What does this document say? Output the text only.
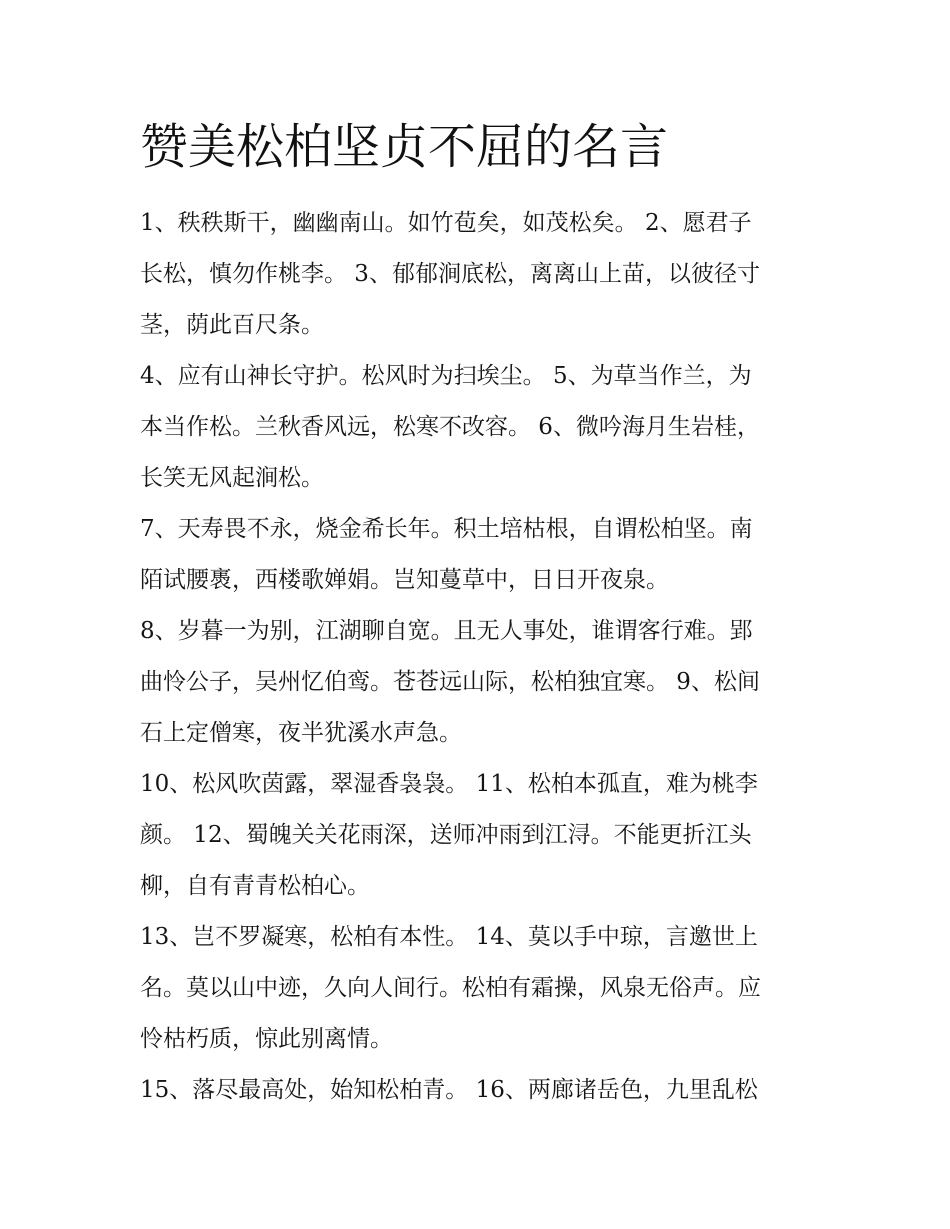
赞美松柏坚贞不屈的名言
1、秩秩斯干，幽幽南山。如竹苞矣，如茂松矣。 2、愿君子
长松，慎勿作桃李。 3、郁郁涧底松，离离山上苗，以彼径寸
茎，荫此百尺条。
4、应有山神长守护。松风时为扫埃尘。 5、为草当作兰，为
本当作松。兰秋香风远，松寒不改容。 6、微吟海月生岩桂，
长笑无风起涧松。
7、天寿畏不永，烧金希长年。积土培枯根，自谓松柏坚。南
陌试腰褭，西楼歌婵娟。岂知蔓草中，日日开夜泉。
8、岁暮一为别，江湖聊自宽。且无人事处，谁谓客行难。郢
曲怜公子，吴州忆伯鸾。苍苍远山际，松柏独宜寒。 9、松间
石上定僧寒，夜半犹溪水声急。
10、松风吹茵露，翠湿香袅袅。 11、松柏本孤直，难为桃李
颜。 12、蜀魄关关花雨深，送师冲雨到江浔。不能更折江头
柳，自有青青松柏心。
13、岂不罗凝寒，松柏有本性。 14、莫以手中琼，言邀世上
名。莫以山中迹，久向人间行。松柏有霜操，风泉无俗声。应
怜枯朽质，惊此别离情。
15、落尽最高处，始知松柏青。 16、两廊诸岳色，九里乱松
